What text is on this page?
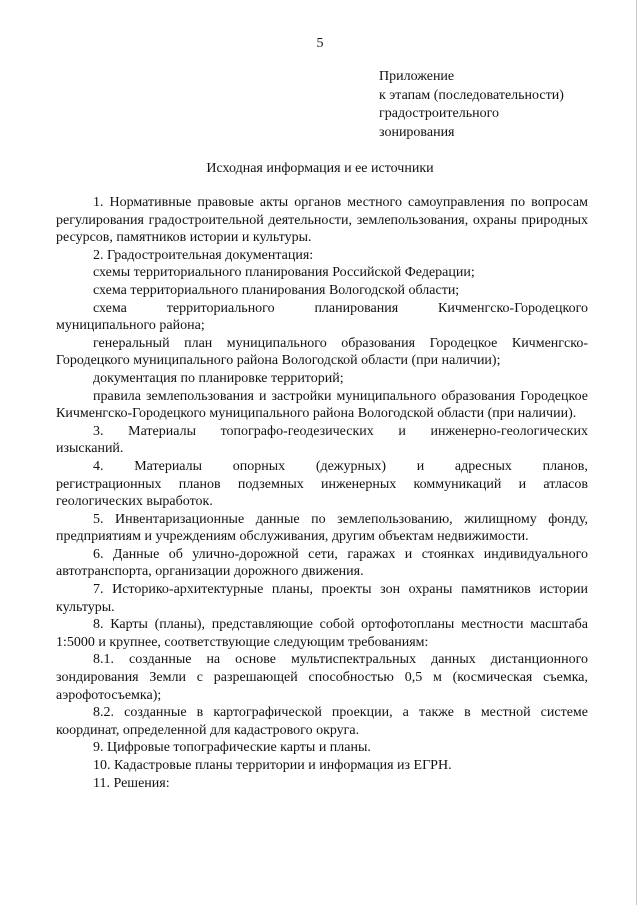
5
Приложение
к этапам (последовательности)
градостроительного
зонирования
Исходная информация и ее источники

1. Нормативные правовые акты органов местного самоуправления по вопросам регулирования градостроительной деятельности, землепользования, охраны природных ресурсов, памятников истории и культуры.

2. Градостроительная документация:

схемы территориального планирования Российской Федерации;

схема территориального планирования Вологодской области;

схема	территориального	планирования	Кичменгско-Городецкого
муниципального района;

генеральный план муниципального образования Городецкое Кичменгско-Городецкого муниципального района Вологодской области (при наличии);

документация по планировке территорий;

правила землепользования и застройки муниципального образования Городецкое Кичменгско-Городецкого муниципального района Вологодской области (при наличии).

3. Материалы топографо-геодезических и инженерно-геологических
изысканий.
4. Материалы опорных (дежурных) и адресных планов,

регистрационных планов подземных инженерных коммуникаций и атласов геологических выработок.

5. Инвентаризационные данные по землепользованию, жилищному фонду, предприятиям и учреждениям обслуживания, другим объектам недвижимости.

6. Данные об улично-дорожной сети, гаражах и стоянках индивидуального автотранспорта, организации дорожного движения.

7. Историко-архитектурные планы, проекты зон охраны памятников истории культуры.

8. Карты (планы), представляющие собой ортофотопланы местности масштаба 1:5000 и крупнее, соответствующие следующим требованиям:

8.1. созданные на основе мультиспектральных данных дистанционного зондирования Земли с разрешающей способностью 0,5 м (космическая съемка, аэрофотосъемка);

8.2. созданные в картографической проекции, а также в местной системе координат, определенной для кадастрового округа.

9. Цифровые топографические карты и планы.

10. Кадастровые планы территории и информация из ЕГРН.

11. Решения:
